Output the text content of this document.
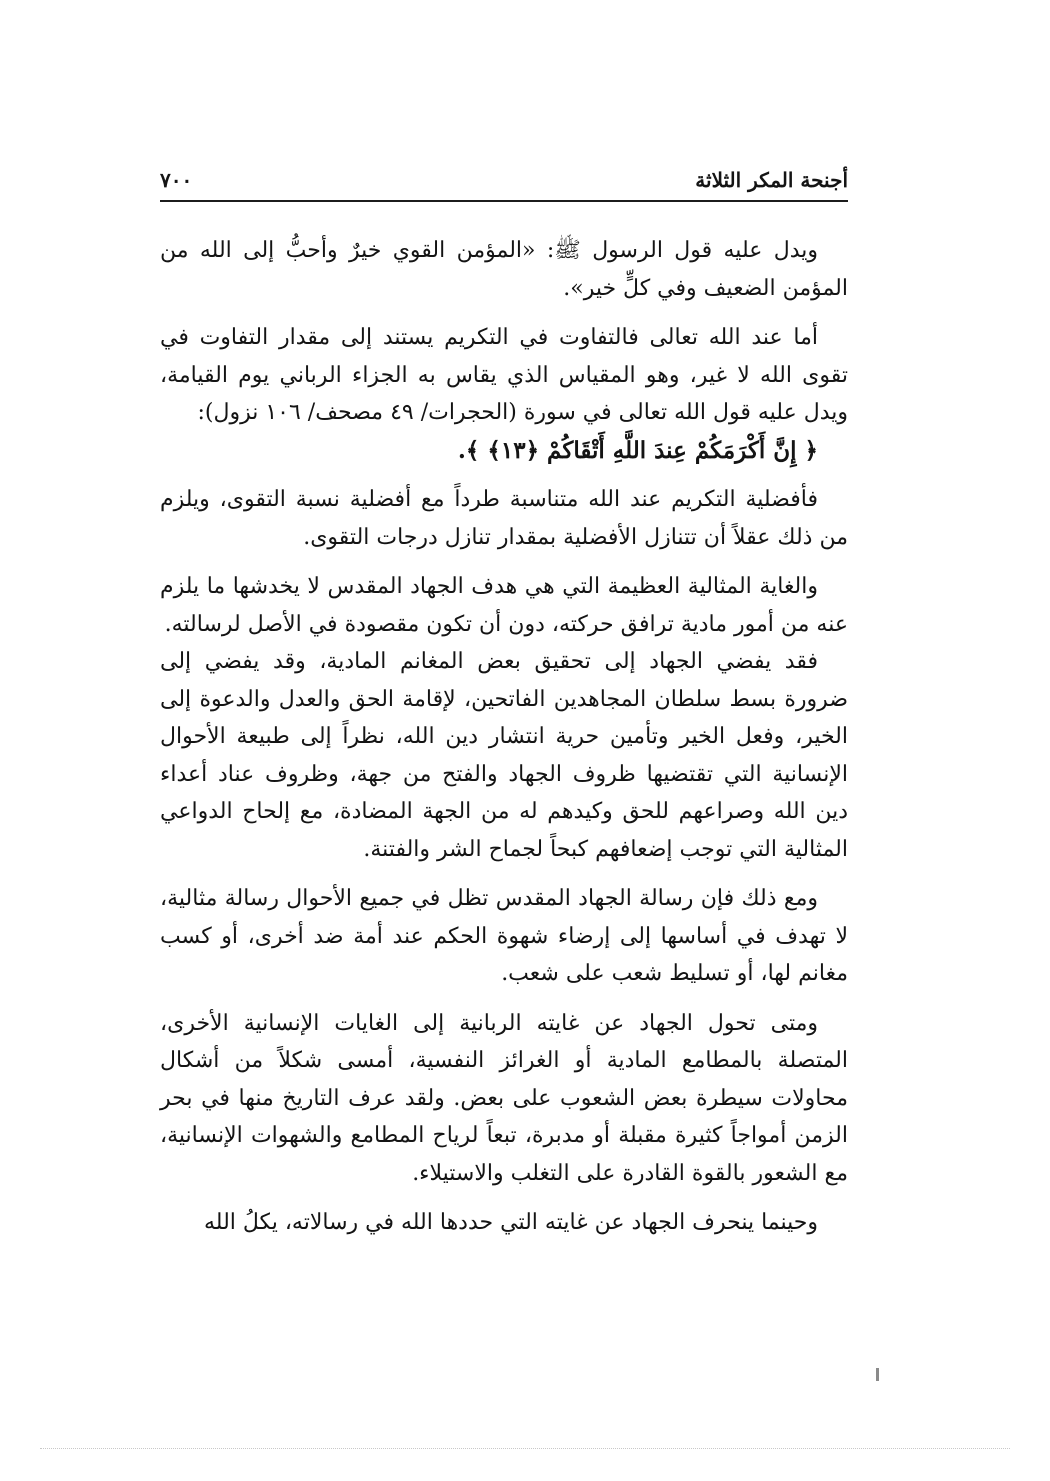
أجنحة المكر الثلاثة
٧٠٠

ويدل عليه قول الرسول ﷺ: «المؤمن القوي خيرٌ وأحبُّ إلى الله من المؤمن الضعيف وفي كلٍّ خير».

أما عند الله تعالى فالتفاوت في التكريم يستند إلى مقدار التفاوت في تقوى الله لا غير، وهو المقياس الذي يقاس به الجزاء الرباني يوم القيامة، ويدل عليه قول الله تعالى في سورة (الحجرات/ ٤٩ مصحف/ ١٠٦ نزول):

﴿ إِنَّ أَكْرَمَكُمْ عِندَ اللَّهِ أَتْقَاكُمْ ﴿١٣﴾ ﴾.

فأفضلية التكريم عند الله متناسبة طرداً مع أفضلية نسبة التقوى، ويلزم من ذلك عقلاً أن تتنازل الأفضلية بمقدار تنازل درجات التقوى.

والغاية المثالية العظيمة التي هي هدف الجهاد المقدس لا يخدشها ما يلزم عنه من أمور مادية ترافق حركته، دون أن تكون مقصودة في الأصل لرسالته.

فقد يفضي الجهاد إلى تحقيق بعض المغانم المادية، وقد يفضي إلى ضرورة بسط سلطان المجاهدين الفاتحين، لإقامة الحق والعدل والدعوة إلى الخير، وفعل الخير وتأمين حرية انتشار دين الله، نظراً إلى طبيعة الأحوال الإنسانية التي تقتضيها ظروف الجهاد والفتح من جهة، وظروف عناد أعداء دين الله وصراعهم للحق وكيدهم له من الجهة المضادة، مع إلحاح الدواعي المثالية التي توجب إضعافهم كبحاً لجماح الشر والفتنة.

ومع ذلك فإن رسالة الجهاد المقدس تظل في جميع الأحوال رسالة مثالية، لا تهدف في أساسها إلى إرضاء شهوة الحكم عند أمة ضد أخرى، أو كسب مغانم لها، أو تسليط شعب على شعب.

ومتى تحول الجهاد عن غايته الربانية إلى الغايات الإنسانية الأخرى، المتصلة بالمطامع المادية أو الغرائز النفسية، أمسى شكلاً من أشكال محاولات سيطرة بعض الشعوب على بعض. ولقد عرف التاريخ منها في بحر الزمن أمواجاً كثيرة مقبلة أو مدبرة، تبعاً لرياح المطامع والشهوات الإنسانية، مع الشعور بالقوة القادرة على التغلب والاستيلاء.

وحينما ينحرف الجهاد عن غايته التي حددها الله في رسالاته، يكلُ الله
